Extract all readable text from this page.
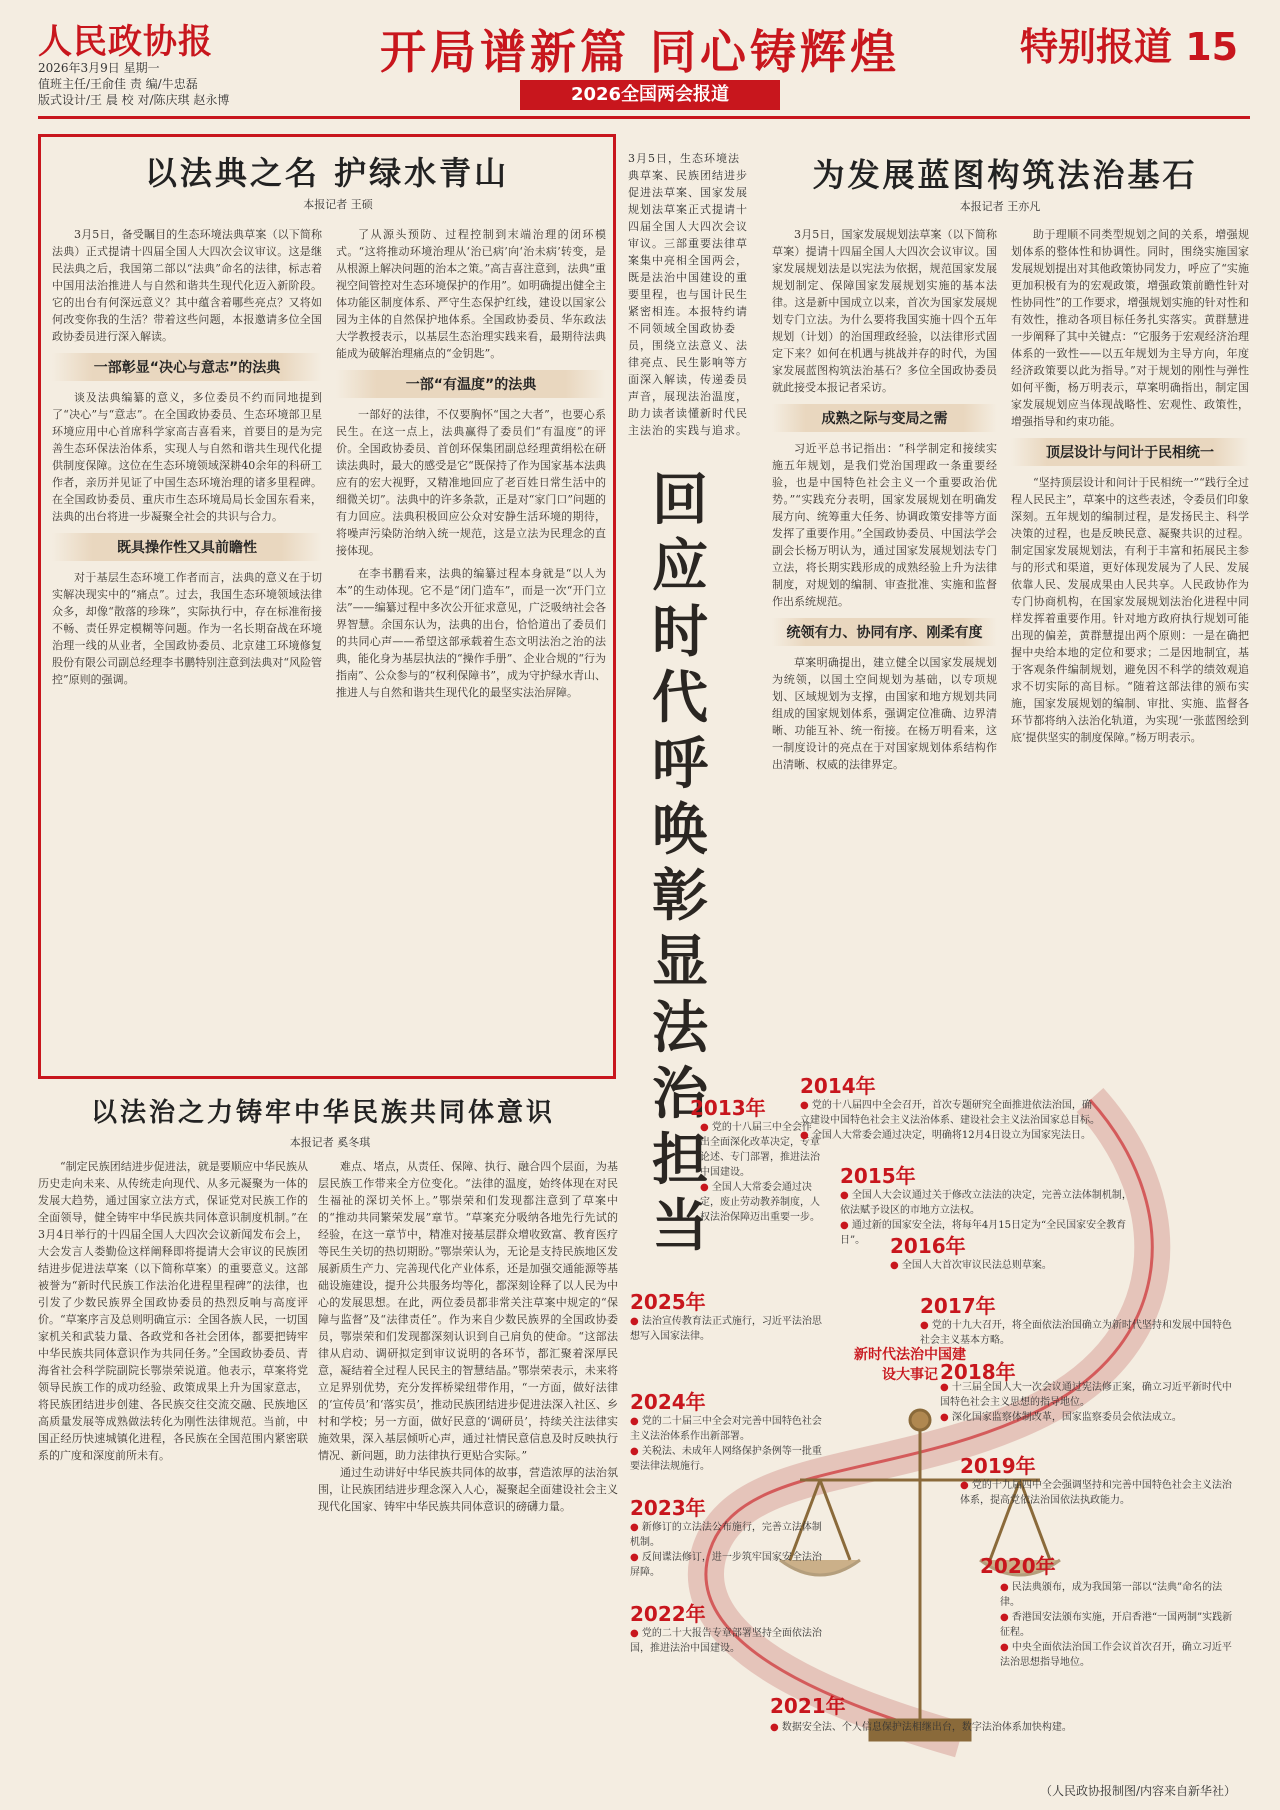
人民政协报	开局谱新篇 同心铸辉煌	特别报道 15
2026年3月9日 星期一
值班主任/王俞佳 责 编/牛忠磊
版式设计/王 晨 校 对/陈庆琪 赵永博	2026全国两会报道
以法典之名 护绿水青山
本报记者 王硕
3月5日，备受瞩目的生态环境法典草案（以下简称法典）正式提请十四届全国人大四次会议审议。这是继民法典之后，我国第二部以“法典”命名的法律，标志着中国用法治推进人与自然和谐共生现代化迈入新阶段。它的出台有何深远意义？其中蕴含着哪些亮点？又将如何改变你我的生活？带着这些问题，本报邀请多位全国政协委员进行深入解读。
一部彰显“决心与意志”的法典
谈及法典编纂的意义，多位委员不约而同地提到了“决心”与“意志”。在全国政协委员、生态环境部卫星环境应用中心首席科学家高吉喜看来，首要目的是为完善生态环保法治体系，实现人与自然和谐共生现代化提供制度保障。这位在生态环境领域深耕40余年的科研工作者，亲历并见证了中国生态环境治理的诸多里程碑。在全国政协委员、重庆市生态环境局局长金国东看来，法典的出台将进一步凝聚全社会的共识与合力。
既具操作性又具前瞻性
对于基层生态环境工作者而言，法典的意义在于切实解决现实中的“痛点”。过去，我国生态环境领域法律众多，却像“散落的珍珠”，实际执行中，存在标准衔接不畅、责任界定模糊等问题。作为一名长期奋战在环境治理一线的从业者，全国政协委员、北京建工环境修复股份有限公司副总经理李书鹏特别注意到法典对“风险管控”原则的强调。
了从源头预防、过程控制到末端治理的闭环模式。“这将推动环境治理从‘治已病’向‘治未病’转变，是从根源上解决问题的治本之策。”高吉喜注意到，法典“重视空间管控对生态环境保护的作用”。如明确提出健全主体功能区制度体系、严守生态保护红线，建设以国家公园为主体的自然保护地体系。全国政协委员、华东政法大学教授表示，以基层生态治理实践来看，最期待法典能成为破解治理痛点的“金钥匙”。
一部“有温度”的法典
一部好的法律，不仅要胸怀“国之大者”，也要心系民生。在这一点上，法典赢得了委员们“有温度”的评价。全国政协委员、首创环保集团副总经理黄绢松在研读法典时，最大的感受是它“既保持了作为国家基本法典应有的宏大视野，又精准地回应了老百姓日常生活中的细微关切”。法典中的许多条款，正是对“家门口”问题的有力回应。法典积极回应公众对安静生活环境的期待，将噪声污染防治纳入统一规范，这是立法为民理念的直接体现。
在李书鹏看来，法典的编纂过程本身就是“以人为本”的生动体现。它不是“闭门造车”，而是一次“开门立法”——编纂过程中多次公开征求意见，广泛吸纳社会各界智慧。余国东认为，法典的出台，恰恰道出了委员们的共同心声——希望这部承载着生态文明法治之治的法典，能化身为基层执法的“操作手册”、企业合规的“行为指南”、公众参与的“权利保障书”，成为守护绿水青山、推进人与自然和谐共生现代化的最坚实法治屏障。
3月5日，生态环境法典草案、民族团结进步促进法草案、国家发展规划法草案正式提请十四届全国人大四次会议审议。三部重要法律草案集中亮相全国两会，既是法治中国建设的重要里程，也与国计民生紧密相连。本报特约请不同领域全国政协委员，围绕立法意义、法律亮点、民生影响等方面深入解读，传递委员声音，展现法治温度，助力读者读懂新时代民主法治的实践与追求。
回应时代呼唤 彰显法治担当
为发展蓝图构筑法治基石
本报记者 王亦凡
3月5日，国家发展规划法草案（以下简称草案）提请十四届全国人大四次会议审议。国家发展规划法是以宪法为依据，规范国家发展规划制定、保障国家发展规划实施的基本法律。这是新中国成立以来，首次为国家发展规划专门立法。为什么要将我国实施十四个五年规划（计划）的治国理政经验，以法律形式固定下来？如何在机遇与挑战并存的时代，为国家发展蓝图构筑法治基石？多位全国政协委员就此接受本报记者采访。
成熟之际与变局之需
习近平总书记指出：“科学制定和接续实施五年规划，是我们党治国理政一条重要经验，也是中国特色社会主义一个重要政治优势。”“实践充分表明，国家发展规划在明确发展方向、统筹重大任务、协调政策安排等方面发挥了重要作用。”全国政协委员、中国法学会副会长杨万明认为，通过国家发展规划法专门立法，将长期实践形成的成熟经验上升为法律制度，对规划的编制、审查批准、实施和监督作出系统规范。
统领有力、协同有序、刚柔有度
草案明确提出，建立健全以国家发展规划为统领，以国土空间规划为基础，以专项规划、区域规划为支撑，由国家和地方规划共同组成的国家规划体系，强调定位准确、边界清晰、功能互补、统一衔接。在杨万明看来，这一制度设计的亮点在于对国家规划体系结构作出清晰、权威的法律界定。
助于理顺不同类型规划之间的关系，增强规划体系的整体性和协调性。同时，围绕实施国家发展规划提出对其他政策协同发力，呼应了“实施更加积极有为的宏观政策，增强政策前瞻性针对性协同性”的工作要求，增强规划实施的针对性和有效性，推动各项目标任务扎实落实。黄群慧进一步阐释了其中关键点：“它服务于宏观经济治理体系的一致性——以五年规划为主导方向，年度经济政策要以此为指导。”对于规划的刚性与弹性如何平衡，杨万明表示，草案明确指出，制定国家发展规划应当体现战略性、宏观性、政策性，增强指导和约束功能。
顶层设计与问计于民相统一
“坚持顶层设计和问计于民相统一”“践行全过程人民民主”，草案中的这些表述，令委员们印象深刻。五年规划的编制过程，是发扬民主、科学决策的过程，也是反映民意、凝聚共识的过程。制定国家发展规划法，有利于丰富和拓展民主参与的形式和渠道，更好体现发展为了人民、发展依靠人民、发展成果由人民共享。人民政协作为专门协商机构，在国家发展规划法治化进程中同样发挥着重要作用。针对地方政府执行规划可能出现的偏差，黄群慧提出两个原则：一是在确把握中央给本地的定位和要求；二是因地制宜，基于客观条件编制规划，避免因不科学的绩效观追求不切实际的高目标。“随着这部法律的颁布实施，国家发展规划的编制、审批、实施、监督各环节都将纳入法治化轨道，为实现‘一张蓝图绘到底’提供坚实的制度保障。”杨万明表示。
以法治之力铸牢中华民族共同体意识
本报记者 奚冬琪
“制定民族团结进步促进法，就是要顺应中华民族从历史走向未来、从传统走向现代、从多元凝聚为一体的发展大趋势，通过国家立法方式，保证党对民族工作的全面领导，健全铸牢中华民族共同体意识制度机制。”在3月4日举行的十四届全国人大四次会议新闻发布会上，大会发言人娄勤俭这样阐释即将提请大会审议的民族团结进步促进法草案（以下简称草案）的重要意义。这部被誉为“新时代民族工作法治化进程里程碑”的法律，也引发了少数民族界全国政协委员的热烈反响与高度评价。“草案序言及总则明确宣示：全国各族人民，一切国家机关和武装力量、各政党和各社会团体，都要把铸牢中华民族共同体意识作为共同任务。”全国政协委员、青海省社会科学院副院长鄂崇荣说道。他表示，草案将党领导民族工作的成功经验、政策成果上升为国家意志，将民族团结进步创建、各民族交往交流交融、民族地区高质量发展等成熟做法转化为刚性法律规范。当前，中国正经历快速城镇化进程，各民族在全国范围内紧密联系的广度和深度前所未有。
难点、堵点，从责任、保障、执行、融合四个层面，为基层民族工作带来全方位变化。“法律的温度，始终体现在对民生福祉的深切关怀上。”鄂崇荣和们发现都注意到了草案中的“推动共同繁荣发展”章节。“草案充分吸纳各地先行先试的经验，在这一章节中，精准对接基层群众增收致富、教育医疗等民生关切的热切期盼。”鄂崇荣认为，无论是支持民族地区发展新质生产力、完善现代化产业体系，还是加强交通能源等基础设施建设，提升公共服务均等化，都深刻诠释了以人民为中心的发展思想。在此，两位委员都非常关注草案中规定的“保障与监督”及“法律责任”。作为来自少数民族界的全国政协委员，鄂崇荣和们发现都深刻认识到自己肩负的使命。“这部法律从启动、调研拟定到审议说明的各环节，都汇聚着深厚民意，凝结着全过程人民民主的智慧结晶。”鄂崇荣表示，未来将立足界别优势，充分发挥桥梁纽带作用，“一方面，做好法律的‘宣传员’和‘落实员’，推动民族团结进步促进法深入社区、乡村和学校；另一方面，做好民意的‘调研员’，持续关注法律实施效果，深入基层倾听心声，通过社情民意信息及时反映执行情况、新问题，助力法律执行更贴合实际。”
通过生动讲好中华民族共同体的故事，营造浓厚的法治氛围，让民族团结进步理念深入人心，凝聚起全面建设社会主义现代化国家、铸牢中华民族共同体意识的磅礴力量。
新时代法治中国建设大事记
2013年
● 党的十八届三中全会作出全面深化改革决定，专章论述、专门部署，推进法治中国建设。
● 全国人大常委会通过决定，废止劳动教养制度，人权法治保障迈出重要一步。
2014年
● 党的十八届四中全会召开，首次专题研究全面推进依法治国，确立建设中国特色社会主义法治体系、建设社会主义法治国家总目标。
● 全国人大常委会通过决定，明确将12月4日设立为国家宪法日。
2015年
● 全国人大会议通过关于修改立法法的决定，完善立法体制机制，依法赋予设区的市地方立法权。
● 通过新的国家安全法，将每年4月15日定为“全民国家安全教育日”。	2016年
● 全国人大首次审议民法总则草案。
2017年
● 党的十九大召开，将全面依法治国确立为新时代坚持和发展中国特色社会主义基本方略。
2018年
● 十三届全国人大一次会议通过宪法修正案，确立习近平新时代中国特色社会主义思想的指导地位。
● 深化国家监察体制改革，国家监察委员会依法成立。
2019年
● 党的十九届四中全会强调坚持和完善中国特色社会主义法治体系，提高党依法治国依法执政能力。
2020年
● 民法典颁布，成为我国第一部以“法典”命名的法律。
● 香港国安法颁布实施，开启香港“一国两制”实践新征程。
● 中央全面依法治国工作会议首次召开，确立习近平法治思想指导地位。
2021年
● 数据安全法、个人信息保护法相继出台，数字法治体系加快构建。
2022年
● 党的二十大报告专章部署坚持全面依法治国，推进法治中国建设。
2023年
● 新修订的立法法公布施行，完善立法体制机制。
● 反间谍法修订，进一步筑牢国家安全法治屏障。
2024年
● 党的二十届三中全会对完善中国特色社会主义法治体系作出新部署。
● 关税法、未成年人网络保护条例等一批重要法律法规施行。
2025年
● 法治宣传教育法正式施行，习近平法治思想写入国家法律。
（人民政协报制图/内容来自新华社）
